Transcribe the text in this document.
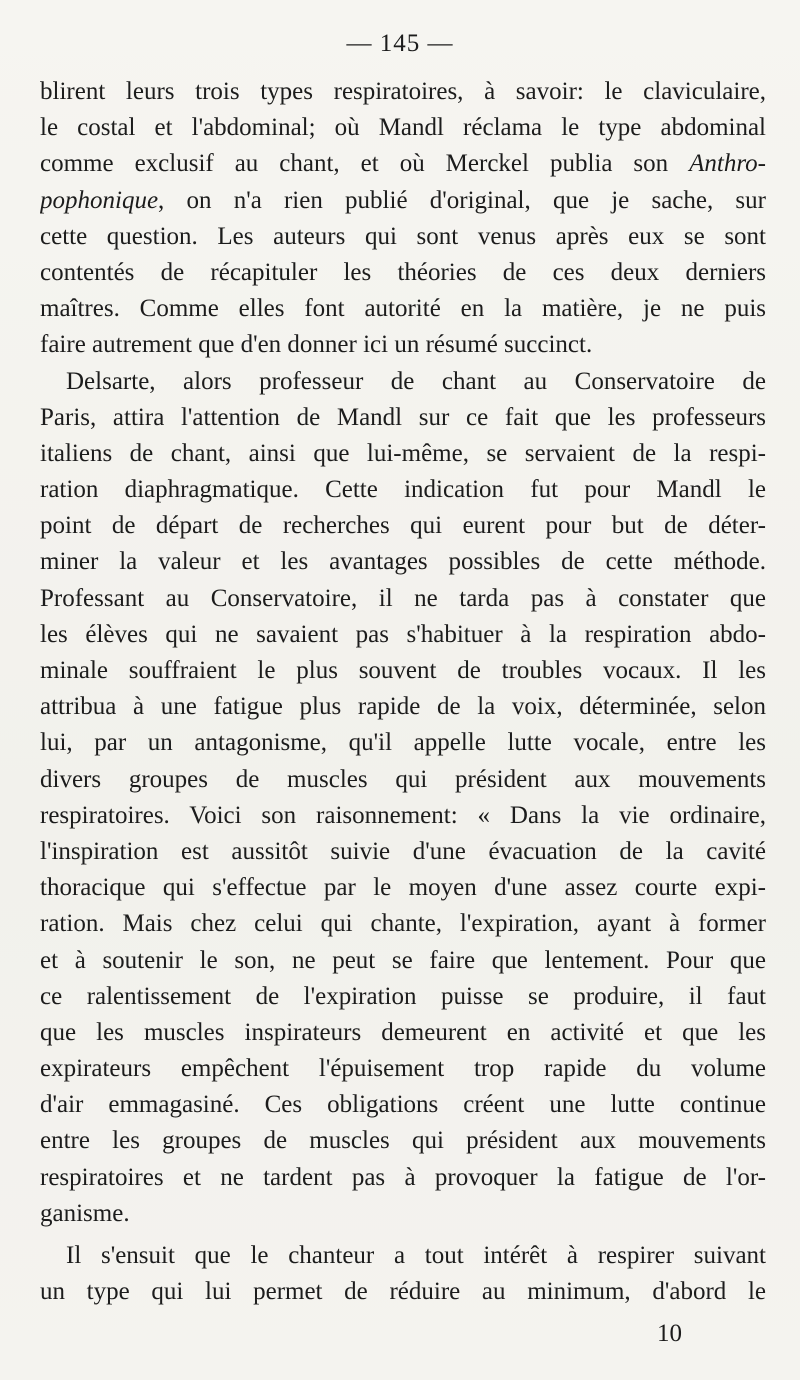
— 145 —
blirent leurs trois types respiratoires, à savoir: le claviculaire,
le costal et l'abdominal; où Mandl réclama le type abdominal
comme exclusif au chant, et où Merckel publia son Anthro-
pophonique, on n'a rien publié d'original, que je sache, sur
cette question. Les auteurs qui sont venus après eux se sont
contentés de récapituler les théories de ces deux derniers
maîtres. Comme elles font autorité en la matière, je ne puis
faire autrement que d'en donner ici un résumé succinct.
Delsarte, alors professeur de chant au Conservatoire de
Paris, attira l'attention de Mandl sur ce fait que les professeurs
italiens de chant, ainsi que lui-même, se servaient de la respi-
ration diaphragmatique. Cette indication fut pour Mandl le
point de départ de recherches qui eurent pour but de déter-
miner la valeur et les avantages possibles de cette méthode.
Professant au Conservatoire, il ne tarda pas à constater que
les élèves qui ne savaient pas s'habituer à la respiration abdo-
minale souffraient le plus souvent de troubles vocaux. Il les
attribua à une fatigue plus rapide de la voix, déterminée, selon
lui, par un antagonisme, qu'il appelle lutte vocale, entre les
divers groupes de muscles qui président aux mouvements
respiratoires. Voici son raisonnement: « Dans la vie ordinaire,
l'inspiration est aussitôt suivie d'une évacuation de la cavité
thoracique qui s'effectue par le moyen d'une assez courte expi-
ration. Mais chez celui qui chante, l'expiration, ayant à former
et à soutenir le son, ne peut se faire que lentement. Pour que
ce ralentissement de l'expiration puisse se produire, il faut
que les muscles inspirateurs demeurent en activité et que les
expirateurs empêchent l'épuisement trop rapide du volume
d'air emmagasiné. Ces obligations créent une lutte continue
entre les groupes de muscles qui président aux mouvements
respiratoires et ne tardent pas à provoquer la fatigue de l'or-
ganisme.
Il s'ensuit que le chanteur a tout intérêt à respirer suivant
un type qui lui permet de réduire au minimum, d'abord le
10
